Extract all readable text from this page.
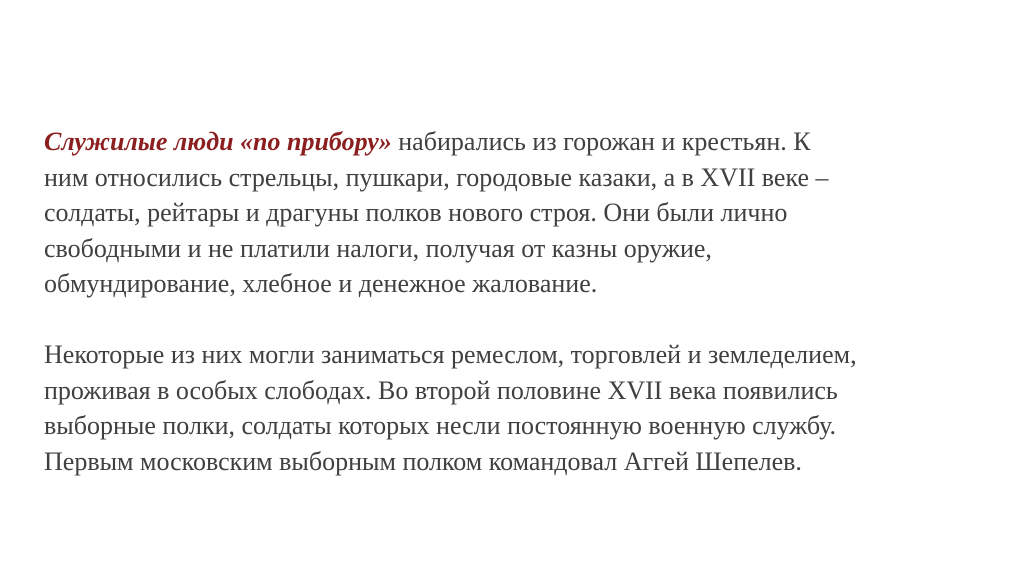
Служилые люди «по прибору» набирались из горожан и крестьян. К
ним относились стрельцы, пушкари, городовые казаки, а в XVII веке –
солдаты, рейтары и драгуны полков нового строя. Они были лично
свободными и не платили налоги, получая от казны оружие,
обмундирование, хлебное и денежное жалование.

Некоторые из них могли заниматься ремеслом, торговлей и земледелием,
проживая в особых слободах. Во второй половине XVII века появились
выборные полки, солдаты которых несли постоянную военную службу.
Первым московским выборным полком командовал Аггей Шепелев.
